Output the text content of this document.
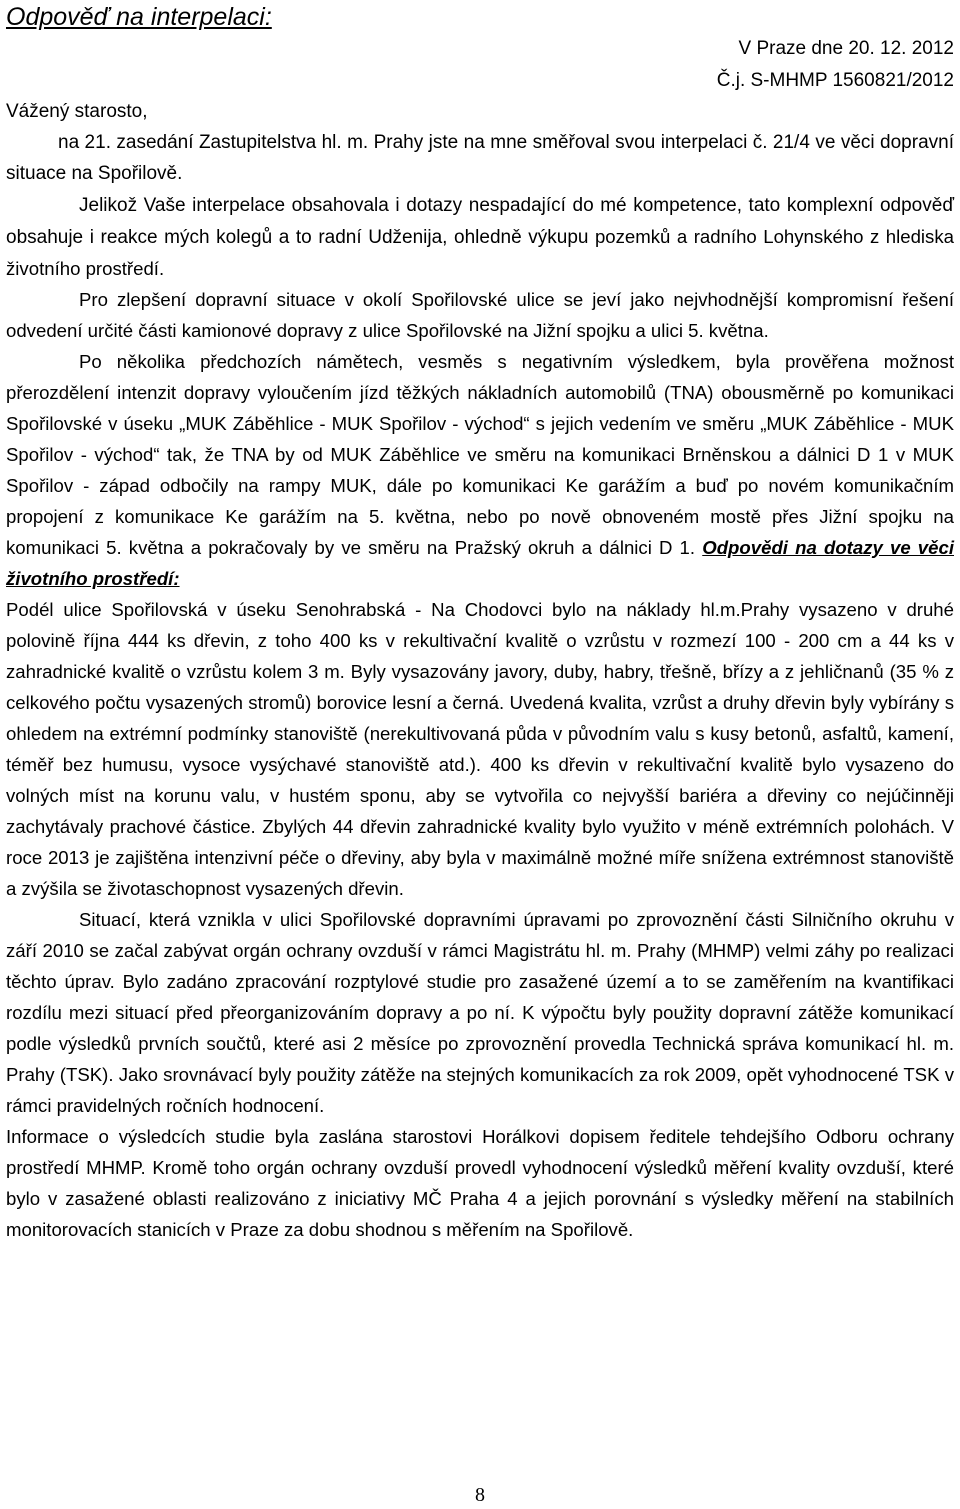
Odpověď na interpelaci:
V Praze dne 20. 12. 2012
Č.j. S-MHMP 1560821/2012
Vážený starosto,

na 21. zasedání Zastupitelstva hl. m. Prahy jste na mne směřoval svou interpelaci č. 21/4 ve věci dopravní situace na Spořilově.

Jelikož Vaše interpelace obsahovala i dotazy nespadající do mé kompetence, tato komplexní odpověď obsahuje i reakce mých kolegů a to radní Udženija, ohledně výkupu pozemků a radního Lohynského z hlediska životního prostředí.

Pro zlepšení dopravní situace v okolí Spořilovské ulice se jeví jako nejvhodnější kompromisní řešení odvedení určité části kamionové dopravy z ulice Spořilovské na Jižní spojku a ulici 5. května.

Po několika předchozích námětech, vesměs s negativním výsledkem, byla prověřena možnost přerozdělení intenzit dopravy vyloučením jízd těžkých nákladních automobilů (TNA) obousměrně po komunikaci Spořilovské v úseku „MUK Záběhlice - MUK Spořilov - východ“ s jejich vedením ve směru „MUK Záběhlice - MUK Spořilov - východ“ tak, že TNA by od MUK Záběhlice ve směru na komunikaci Brněnskou a dálnici D 1 v MUK Spořilov - západ odbočily na rampy MUK, dále po komunikaci Ke garážím a buď po novém komunikačním propojení z komunikace Ke garážím na 5. května, nebo po nově obnoveném mostě přes Jižní spojku na komunikaci 5. května a pokračovaly by ve směru na Pražský okruh a dálnici D 1. Odpovědi na dotazy ve věci životního prostředí:

Podél ulice Spořilovská v úseku Senohrabská - Na Chodovci bylo na náklady hl.m.Prahy vysazeno v druhé polovině října 444 ks dřevin, z toho 400 ks v rekultivační kvalitě o vzrůstu v rozmezí 100 - 200 cm a 44 ks v zahradnické kvalitě o vzrůstu kolem 3 m. Byly vysazovány javory, duby, habry, třešně, břízy a z jehličnanů (35 % z celkového počtu vysazených stromů) borovice lesní a černá. Uvedená kvalita, vzrůst a druhy dřevin byly vybírány s ohledem na extrémní podmínky stanoviště (nerekultivovaná půda v původním valu s kusy betonů, asfaltů, kamení, téměř bez humusu, vysoce vysýchavé stanoviště atd.). 400 ks dřevin v rekultivační kvalitě bylo vysazeno do volných míst na korunu valu, v hustém sponu, aby se vytvořila co nejvyšší bariéra a dřeviny co nejúčinněji zachytávaly prachové částice. Zbylých 44 dřevin zahradnické kvality bylo využito v méně extrémních polohách. V roce 2013 je zajištěna intenzivní péče o dřeviny, aby byla v maximálně možné míře snížena extrémnost stanoviště a zvýšila se životaschopnost vysazených dřevin.

Situací, která vznikla v ulici Spořilovské dopravními úpravami po zprovoznění části Silničního okruhu v září 2010 se začal zabývat orgán ochrany ovzduší v rámci Magistrátu hl. m. Prahy (MHMP) velmi záhy po realizaci těchto úprav. Bylo zadáno zpracování rozptylové studie pro zasažené území a to se zaměřením na kvantifikaci rozdílu mezi situací před přeorganizováním dopravy a po ní. K výpočtu byly použity dopravní zátěže komunikací podle výsledků prvních součtů, které asi 2 měsíce po zprovoznění provedla Technická správa komunikací hl. m. Prahy (TSK). Jako srovnávací byly použity zátěže na stejných komunikacích za rok 2009, opět vyhodnocené TSK v rámci pravidelných ročních hodnocení.

Informace o výsledcích studie byla zaslána starostovi Horálkovi dopisem ředitele tehdejšího Odboru ochrany prostředí MHMP. Kromě toho orgán ochrany ovzduší provedl vyhodnocení výsledků měření kvality ovzduší, které bylo v zasažené oblasti realizováno z iniciativy MČ Praha 4 a jejich porovnání s výsledky měření na stabilních monitorovacích stanicích v Praze za dobu shodnou s měřením na Spořilově.

8
